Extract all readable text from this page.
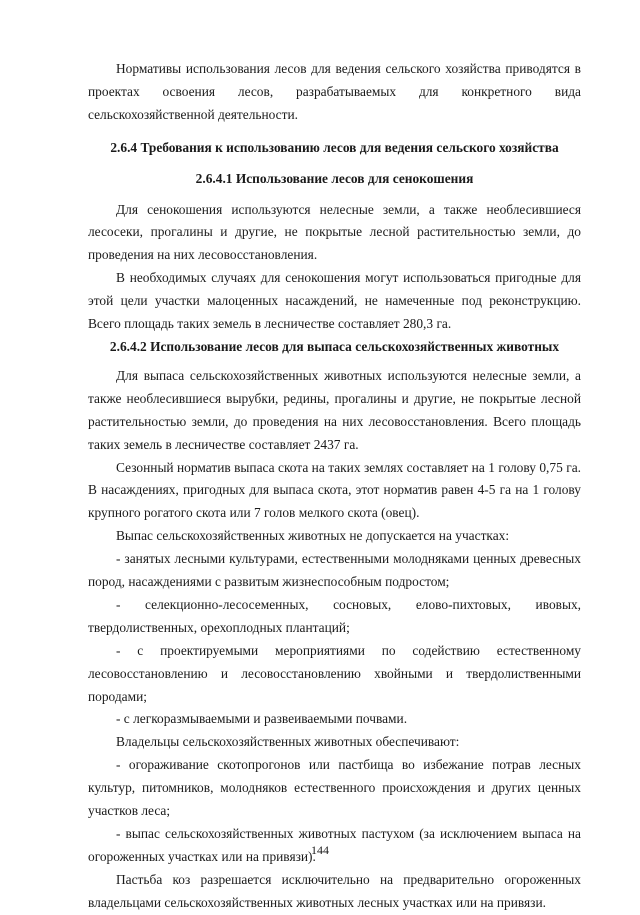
Нормативы использования лесов для ведения сельского хозяйства приводятся в проектах освоения лесов, разрабатываемых для конкретного вида сельскохозяйственной деятельности.

2.6.4 Требования к использованию лесов для ведения сельского хозяйства
2.6.4.1 Использование лесов для сенокошения

Для сенокошения используются нелесные земли, а также необлесившиеся лесосеки, прогалины и другие, не покрытые лесной растительностью земли, до проведения на них лесовосстановления.

В необходимых случаях для сенокошения могут использоваться пригодные для этой цели участки малоценных насаждений, не намеченные под реконструкцию. Всего площадь таких земель в лесничестве составляет 280,3 га.

2.6.4.2 Использование лесов для выпаса сельскохозяйственных животных

Для выпаса сельскохозяйственных животных используются нелесные земли, а также необлесившиеся вырубки, редины, прогалины и другие, не покрытые лесной растительностью земли, до проведения на них лесовосстановления. Всего площадь таких земель в лесничестве составляет 2437 га.

Сезонный норматив выпаса скота на таких землях составляет на 1 голову 0,75 га. В насаждениях, пригодных для выпаса скота, этот норматив равен 4-5 га на 1 голову крупного рогатого скота или 7 голов мелкого скота (овец).

Выпас сельскохозяйственных животных не допускается на участках:

- занятых лесными культурами, естественными молодняками ценных древесных пород, насаждениями с развитым жизнеспособным подростом;

- селекционно-лесосеменных, сосновых, елово-пихтовых, ивовых, твердолиственных, орехоплодных плантаций;

- с проектируемыми мероприятиями по содействию естественному лесовосстановлению и лесовосстановлению хвойными и твердолиственными породами;

- с легкоразмываемыми и развеиваемыми почвами.

Владельцы сельскохозяйственных животных обеспечивают:

- огораживание скотопрогонов или пастбища во избежание потрав лесных культур, питомников, молодняков естественного происхождения и других ценных участков леса;

- выпас сельскохозяйственных животных пастухом (за исключением выпаса на огороженных участках или на привязи).

Пастьба коз разрешается исключительно на предварительно огороженных владельцами сельскохозяйственных животных лесных участках или на привязи.

144
